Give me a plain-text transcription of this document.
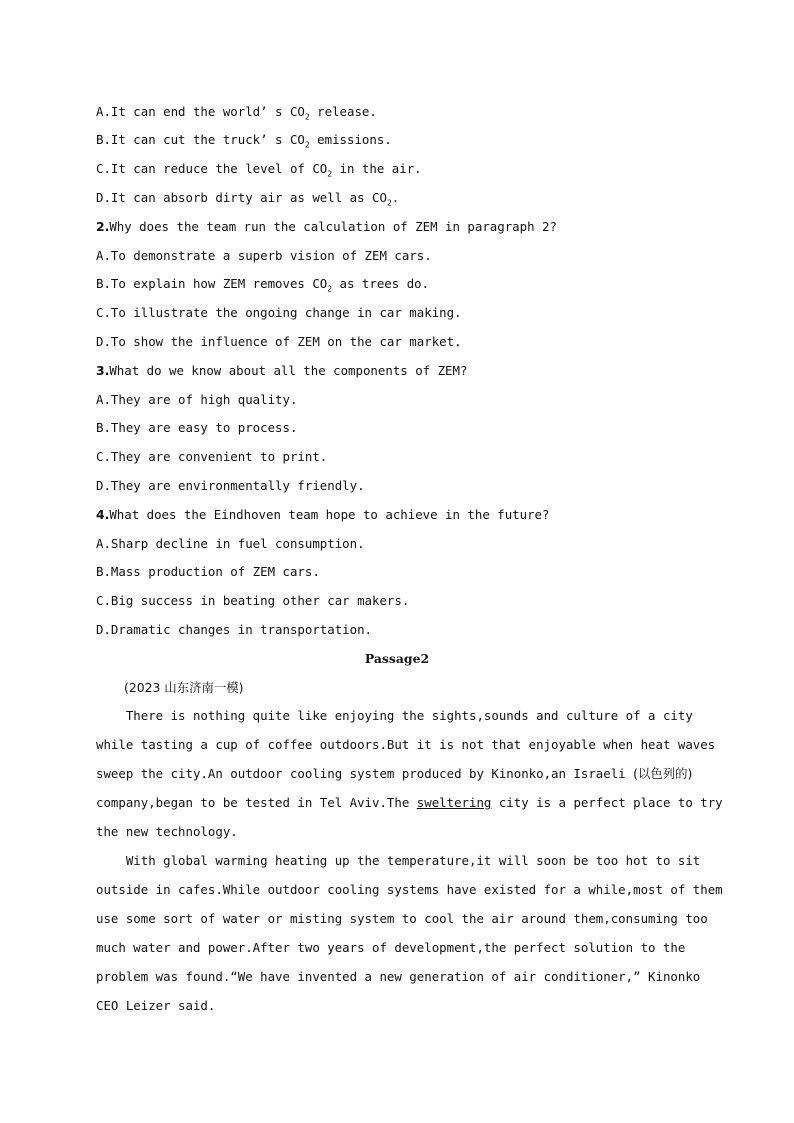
A.It can end the world’ s $CO_2$ release.
B.It can cut the truck’ s $CO_2$ emissions.
C.It can reduce the level of $CO_2$ in the air.
D.It can absorb dirty air as well as $CO_2$.
2.Why does the team run the calculation of ZEM in paragraph 2?
A.To demonstrate a superb vision of ZEM cars.
B.To explain how ZEM removes $CO_2$ as trees do.
C.To illustrate the ongoing change in car making.
D.To show the influence of ZEM on the car market.
3.What do we know about all the components of ZEM?
A.They are of high quality.
B.They are easy to process.
C.They are convenient to print.
D.They are environmentally friendly.
4.What does the Eindhoven team hope to achieve in the future?
A.Sharp decline in fuel consumption.
B.Mass production of ZEM cars.
C.Big success in beating other car makers.
D.Dramatic changes in transportation.
Passage2
(2023 山东济南一模)
There is nothing quite like enjoying the sights,sounds and culture of a city
while tasting a cup of coffee outdoors.But it is not that enjoyable when heat waves
sweep the city.An outdoor cooling system produced by Kinonko,an Israeli (以色列的)
company,began to be tested in Tel Aviv.The sweltering city is a perfect place to try
the new technology.
With global warming heating up the temperature,it will soon be too hot to sit
outside in cafes.While outdoor cooling systems have existed for a while,most of them
use some sort of water or misting system to cool the air around them,consuming too
much water and power.After two years of development,the perfect solution to the
problem was found.“We have invented a new generation of air conditioner,” Kinonko
CEO Leizer said.
